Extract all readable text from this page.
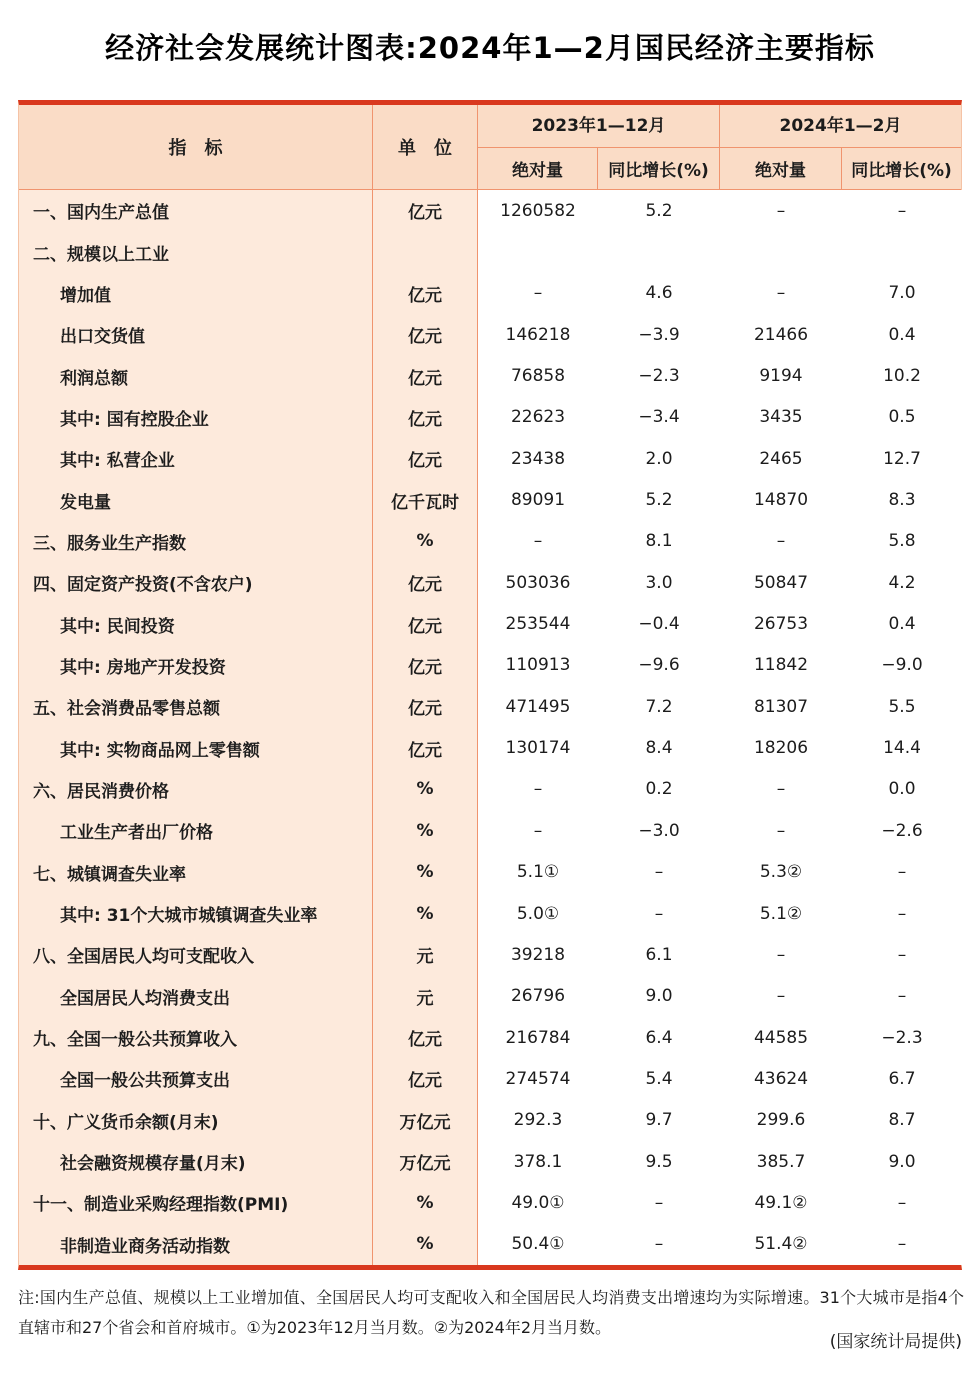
经济社会发展统计图表:2024年1—2月国民经济主要指标
指　标	单　位
2023年1—12月
绝对量	同比增长(%)
2024年1—2月
绝对量	同比增长(%)
一、国内生产总值	亿元	1260582	5.2	–	–
二、规模以上工业
增加值	亿元	–	4.6	–	7.0
出口交货值	亿元	146218	−3.9	21466	0.4
利润总额	亿元	76858	−2.3	9194	10.2
其中: 国有控股企业	亿元	22623	−3.4	3435	0.5
其中: 私营企业	亿元	23438	2.0	2465	12.7
发电量	亿千瓦时	89091	5.2	14870	8.3
三、服务业生产指数	%	–	8.1	–	5.8
四、固定资产投资(不含农户)	亿元	503036	3.0	50847	4.2
其中: 民间投资	亿元	253544	−0.4	26753	0.4
其中: 房地产开发投资	亿元	110913	−9.6	11842	−9.0
五、社会消费品零售总额	亿元	471495	7.2	81307	5.5
其中: 实物商品网上零售额	亿元	130174	8.4	18206	14.4
六、居民消费价格	%	–	0.2	–	0.0
工业生产者出厂价格	%	–	−3.0	–	−2.6
七、城镇调查失业率	%	5.1①	–	5.3②	–
其中: 31个大城市城镇调查失业率	%	5.0①	–	5.1②	–
八、全国居民人均可支配收入	元	39218	6.1	–	–
全国居民人均消费支出	元	26796	9.0	–	–
九、全国一般公共预算收入	亿元	216784	6.4	44585	−2.3
全国一般公共预算支出	亿元	274574	5.4	43624	6.7
十、广义货币余额(月末)	万亿元	292.3	9.7	299.6	8.7
社会融资规模存量(月末)	万亿元	378.1	9.5	385.7	9.0
十一、制造业采购经理指数(PMI)	%	49.0①	–	49.1②	–
非制造业商务活动指数	%	50.4①	–	51.4②	–
注:国内生产总值、规模以上工业增加值、全国居民人均可支配收入和全国居民人均消费支出增速均为实际增速。31个大城市是指4个直辖市和27个省会和首府城市。①为2023年12月当月数。②为2024年2月当月数。
(国家统计局提供)
